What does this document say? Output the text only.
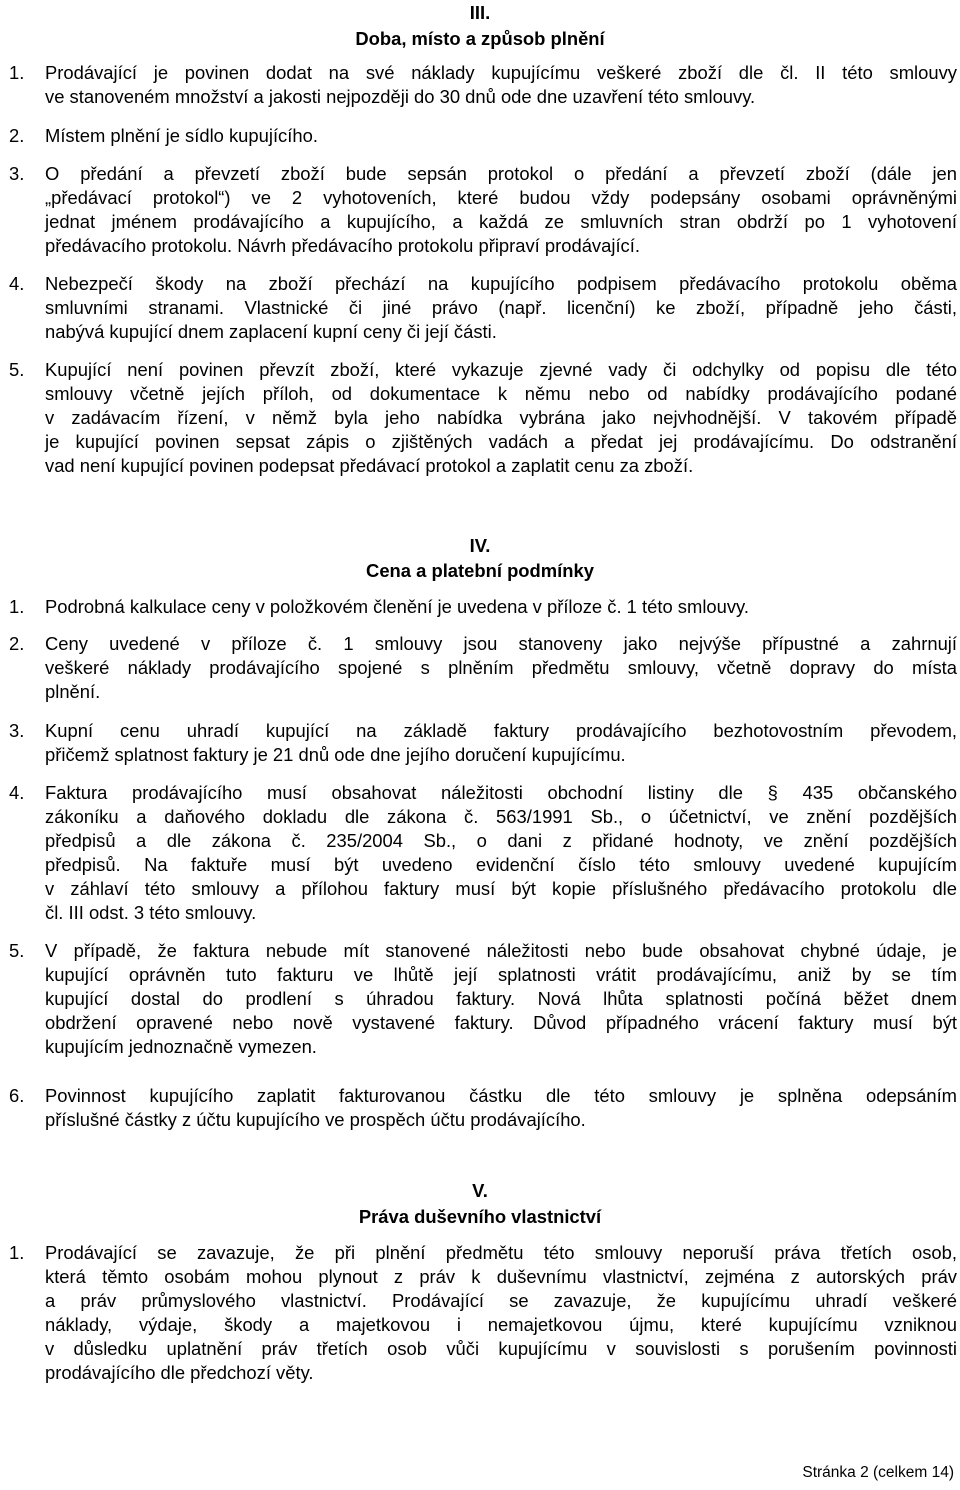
III.
Doba, místo a způsob plnění
1. Prodávající je povinen dodat na své náklady kupujícímu veškeré zboží dle čl. II této smlouvy
ve stanoveném množství a jakosti nejpozději do 30 dnů ode dne uzavření této smlouvy.
2. Místem plnění je sídlo kupujícího.
3. O předání a převzetí zboží bude sepsán protokol o předání a převzetí zboží (dále jen
„předávací protokol“) ve 2 vyhotoveních, které budou vždy podepsány osobami oprávněnými
jednat jménem prodávajícího a kupujícího, a každá ze smluvních stran obdrží po 1 vyhotovení
předávacího protokolu. Návrh předávacího protokolu připraví prodávající.
4. Nebezpečí škody na zboží přechází na kupujícího podpisem předávacího protokolu oběma
smluvními stranami. Vlastnické či jiné právo (např. licenční) ke zboží, případně jeho části,
nabývá kupující dnem zaplacení kupní ceny či její části.
5. Kupující není povinen převzít zboží, které vykazuje zjevné vady či odchylky od popisu dle této
smlouvy včetně jejích příloh, od dokumentace k němu nebo od nabídky prodávajícího podané
v zadávacím řízení, v němž byla jeho nabídka vybrána jako nejvhodnější. V takovém případě
je kupující povinen sepsat zápis o zjištěných vadách a předat jej prodávajícímu. Do odstranění
vad není kupující povinen podepsat předávací protokol a zaplatit cenu za zboží.
IV.
Cena a platební podmínky
1. Podrobná kalkulace ceny v položkovém členění je uvedena v příloze č. 1 této smlouvy.
2. Ceny uvedené v příloze č. 1 smlouvy jsou stanoveny jako nejvýše přípustné a zahrnují
veškeré náklady prodávajícího spojené s plněním předmětu smlouvy, včetně dopravy do místa
plnění.
3. Kupní cenu uhradí kupující na základě faktury prodávajícího bezhotovostním převodem,
přičemž splatnost faktury je 21 dnů ode dne jejího doručení kupujícímu.
4. Faktura prodávajícího musí obsahovat náležitosti obchodní listiny dle § 435 občanského
zákoníku a daňového dokladu dle zákona č. 563/1991 Sb., o účetnictví, ve znění pozdějších
předpisů a dle zákona č. 235/2004 Sb., o dani z přidané hodnoty, ve znění pozdějších
předpisů. Na faktuře musí být uvedeno evidenční číslo této smlouvy uvedené kupujícím
v záhlaví této smlouvy a přílohou faktury musí být kopie příslušného předávacího protokolu dle
čl. III odst. 3 této smlouvy.
5. V případě, že faktura nebude mít stanovené náležitosti nebo bude obsahovat chybné údaje, je
kupující oprávněn tuto fakturu ve lhůtě její splatnosti vrátit prodávajícímu, aniž by se tím
kupující dostal do prodlení s úhradou faktury. Nová lhůta splatnosti počíná běžet dnem
obdržení opravené nebo nově vystavené faktury. Důvod případného vrácení faktury musí být
kupujícím jednoznačně vymezen.
6. Povinnost kupujícího zaplatit fakturovanou částku dle této smlouvy je splněna odepsáním
příslušné částky z účtu kupujícího ve prospěch účtu prodávajícího.
V.
Práva duševního vlastnictví
1. Prodávající se zavazuje, že při plnění předmětu této smlouvy neporuší práva třetích osob,
která těmto osobám mohou plynout z práv k duševnímu vlastnictví, zejména z autorských práv
a práv průmyslového vlastnictví. Prodávající se zavazuje, že kupujícímu uhradí veškeré
náklady, výdaje, škody a majetkovou i nemajetkovou újmu, které kupujícímu vzniknou
v důsledku uplatnění práv třetích osob vůči kupujícímu v souvislosti s porušením povinnosti
prodávajícího dle předchozí věty.
Stránka 2 (celkem 14)
